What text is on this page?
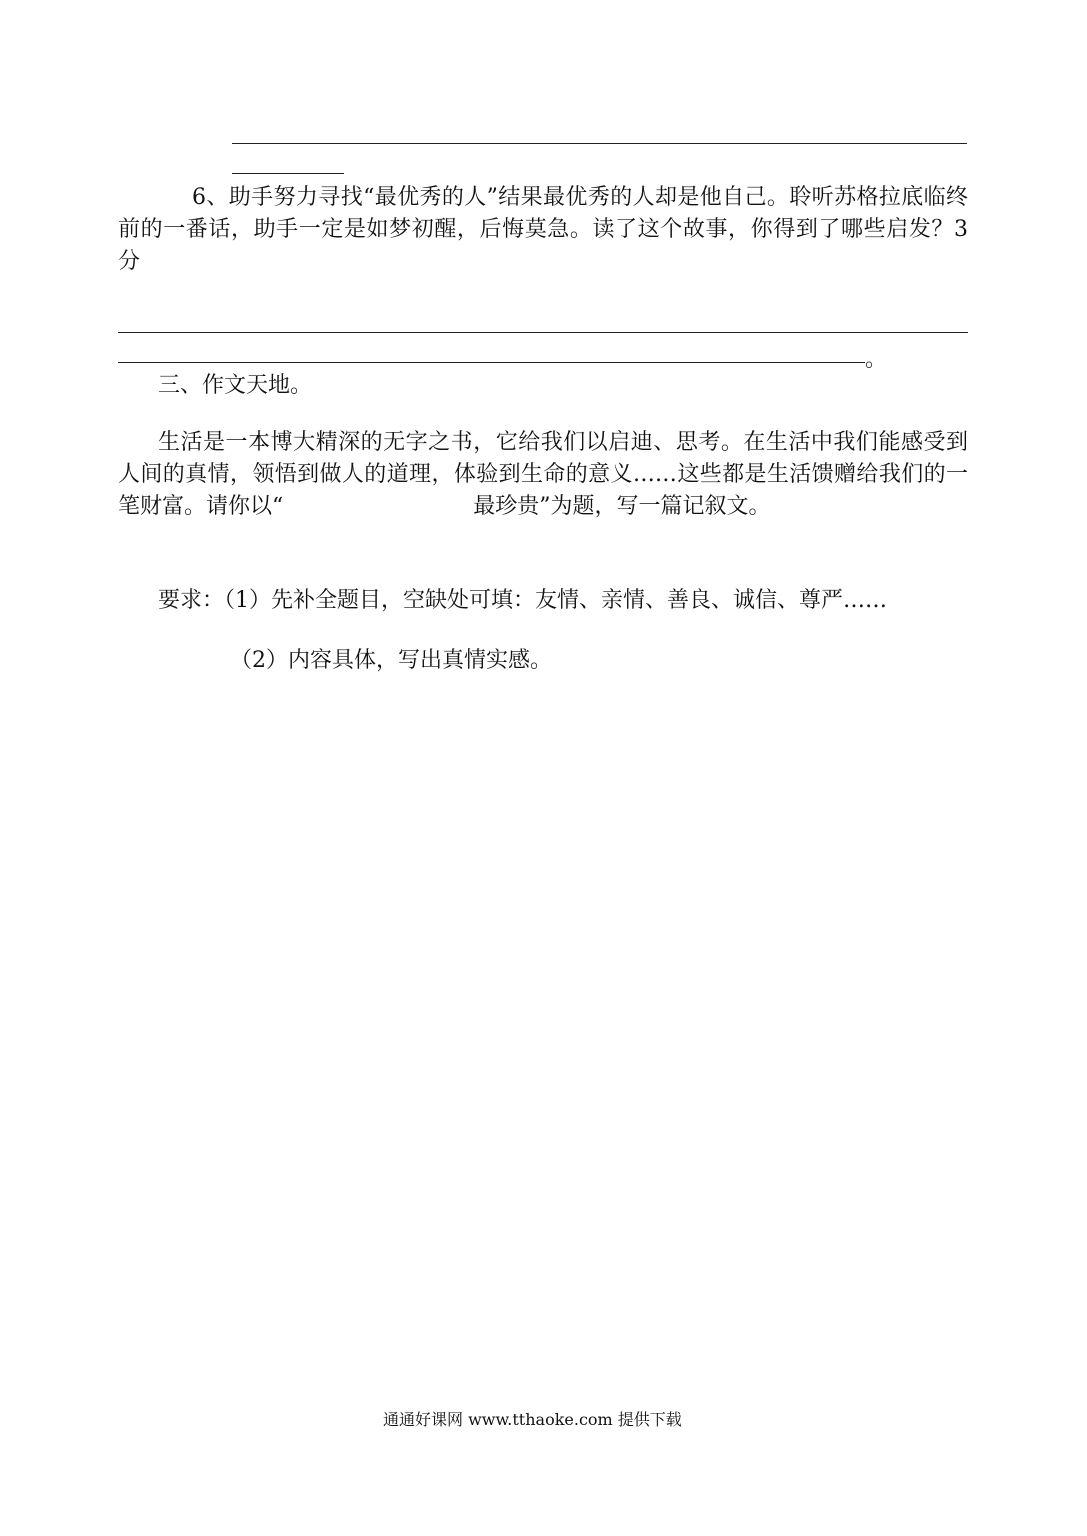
6、助手努力寻找“最优秀的人”结果最优秀的人却是他自己。聆听苏格拉底临终前的一番话，助手一定是如梦初醒，后悔莫急。读了这个故事，你得到了哪些启发？3 分
。
三、作文天地。
生活是一本博大精深的无字之书，它给我们以启迪、思考。在生活中我们能感受到人间的真情，领悟到做人的道理，体验到生命的意义……这些都是生活馈赠给我们的一笔财富。请你以“	最珍贵”为题，写一篇记叙文。
要求：（1）先补全题目，空缺处可填：友情、亲情、善良、诚信、尊严……
（2）内容具体，写出真情实感。
通通好课网 www.tthaoke.com 提供下载
